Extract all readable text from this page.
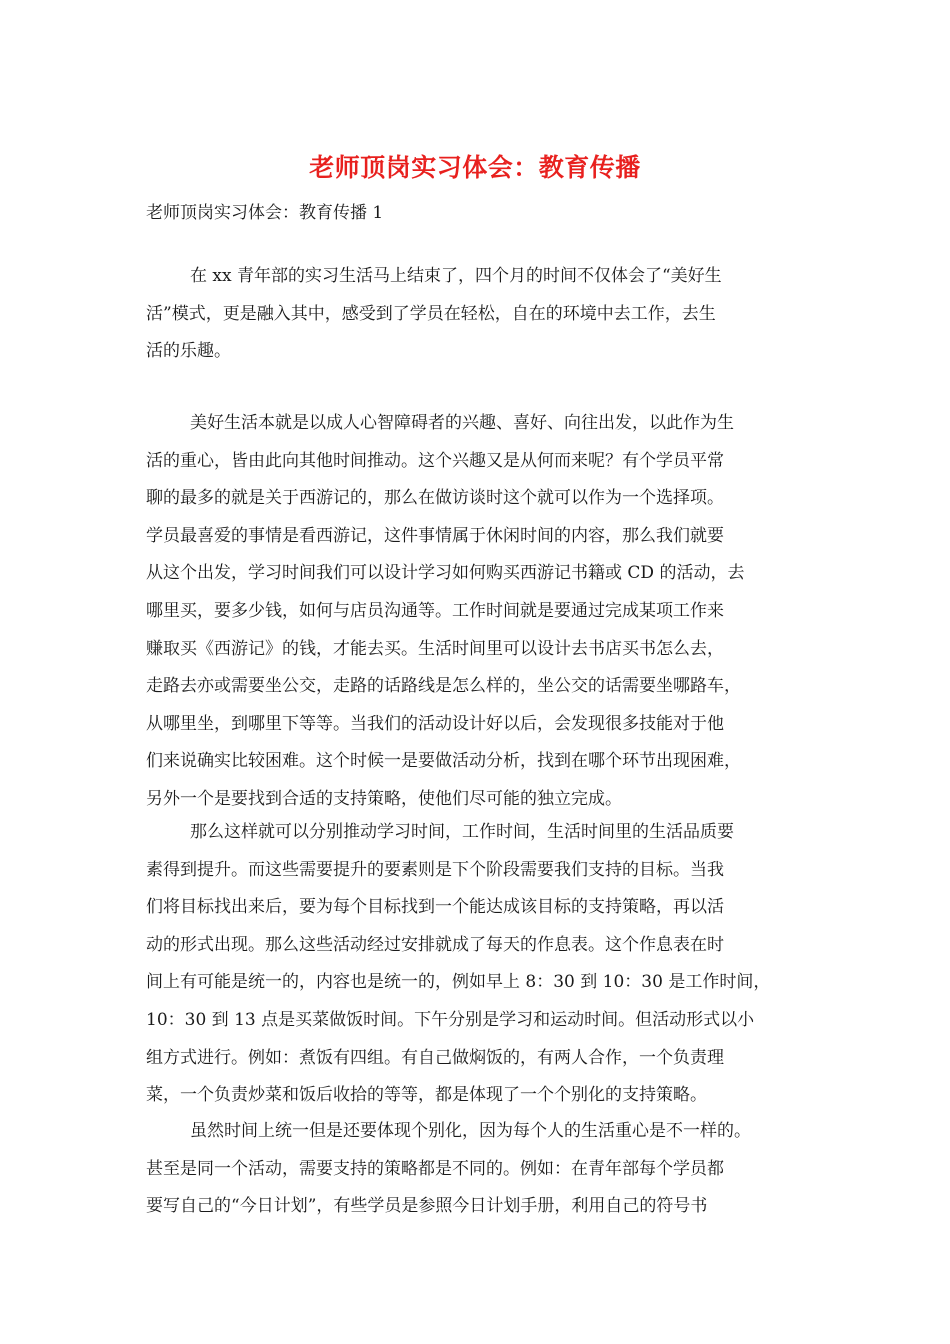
老师顶岗实习体会：教育传播
老师顶岗实习体会：教育传播 1
在 xx 青年部的实习生活马上结束了，四个月的时间不仅体会了“美好生
活”模式，更是融入其中，感受到了学员在轻松，自在的环境中去工作，去生
活的乐趣。
美好生活本就是以成人心智障碍者的兴趣、喜好、向往出发，以此作为生
活的重心，皆由此向其他时间推动。这个兴趣又是从何而来呢？有个学员平常
聊的最多的就是关于西游记的，那么在做访谈时这个就可以作为一个选择项。
学员最喜爱的事情是看西游记，这件事情属于休闲时间的内容，那么我们就要
从这个出发，学习时间我们可以设计学习如何购买西游记书籍或 CD 的活动，去
哪里买，要多少钱，如何与店员沟通等。工作时间就是要通过完成某项工作来
赚取买《西游记》的钱，才能去买。生活时间里可以设计去书店买书怎么去，
走路去亦或需要坐公交，走路的话路线是怎么样的，坐公交的话需要坐哪路车，
从哪里坐，到哪里下等等。当我们的活动设计好以后，会发现很多技能对于他
们来说确实比较困难。这个时候一是要做活动分析，找到在哪个环节出现困难，
另外一个是要找到合适的支持策略，使他们尽可能的独立完成。
那么这样就可以分别推动学习时间，工作时间，生活时间里的生活品质要
素得到提升。而这些需要提升的要素则是下个阶段需要我们支持的目标。当我
们将目标找出来后，要为每个目标找到一个能达成该目标的支持策略，再以活
动的形式出现。那么这些活动经过安排就成了每天的作息表。这个作息表在时
间上有可能是统一的，内容也是统一的，例如早上 8：30 到 10：30 是工作时间，
10：30 到 13 点是买菜做饭时间。下午分别是学习和运动时间。但活动形式以小
组方式进行。例如：煮饭有四组。有自己做焖饭的，有两人合作，一个负责理
菜，一个负责炒菜和饭后收拾的等等，都是体现了一个个别化的支持策略。
虽然时间上统一但是还要体现个别化，因为每个人的生活重心是不一样的。
甚至是同一个活动，需要支持的策略都是不同的。例如：在青年部每个学员都
要写自己的“今日计划”，有些学员是参照今日计划手册，利用自己的符号书
